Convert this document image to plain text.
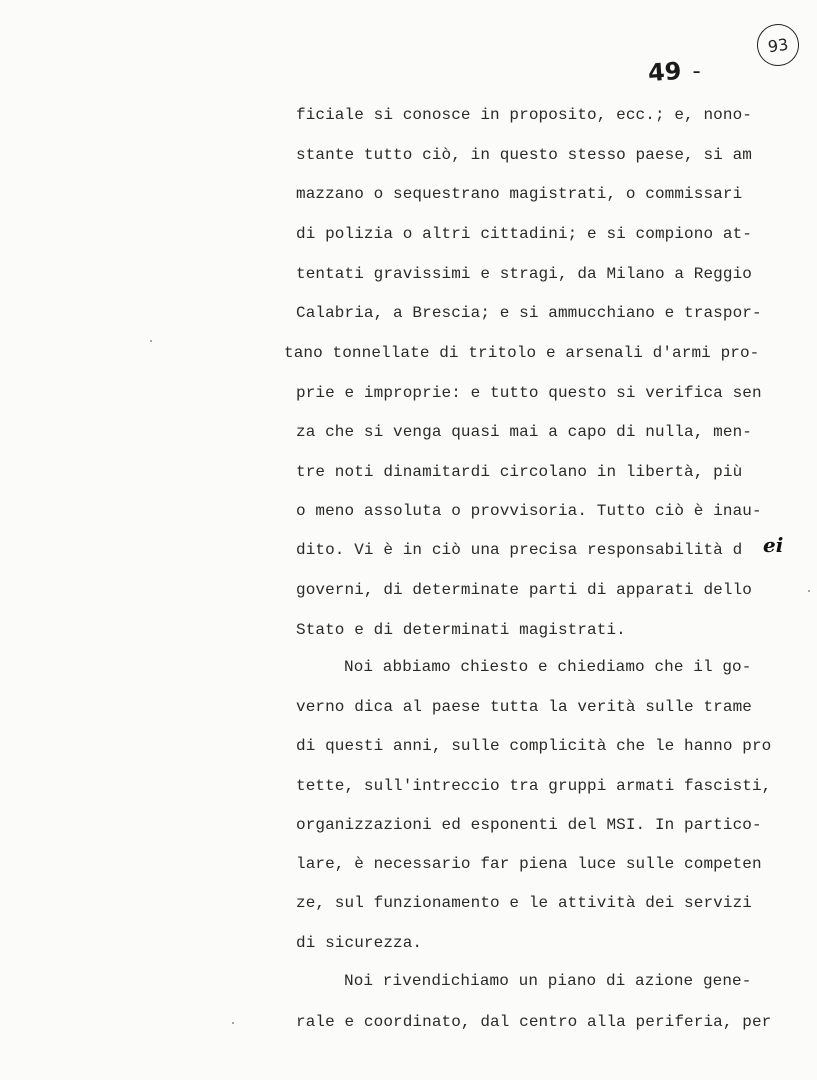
93
49 -
ficiale si conosce in proposito, ecc.; e, nono-
stante tutto ciò, in questo stesso paese, si am
mazzano o sequestrano magistrati, o commissari
di polizia o altri cittadini; e si compiono at-
tentati gravissimi e stragi, da Milano a Reggio
Calabria, a Brescia; e si ammucchiano e traspor-
tano tonnellate di tritolo e arsenali d'armi pro-
prie e improprie: e tutto questo si verifica sen
za che si venga quasi mai a capo di nulla, men-
tre noti dinamitardi circolano in libertà, più
o meno assoluta o provvisoria. Tutto ciò è inau-
dito. Vi è in ciò una precisa responsabilità d ei
governi, di determinate parti di apparati dello
Stato e di determinati magistrati.
Noi abbiamo chiesto e chiediamo che il go-
verno dica al paese tutta la verità sulle trame
di questi anni, sulle complicità che le hanno pro
tette, sull'intreccio tra gruppi armati fascisti,
organizzazioni ed esponenti del MSI. In partico-
lare, è necessario far piena luce sulle competen
ze, sul funzionamento e le attività dei servizi
di sicurezza.
Noi rivendichiamo un piano di azione gene-
rale e coordinato, dal centro alla periferia, per
